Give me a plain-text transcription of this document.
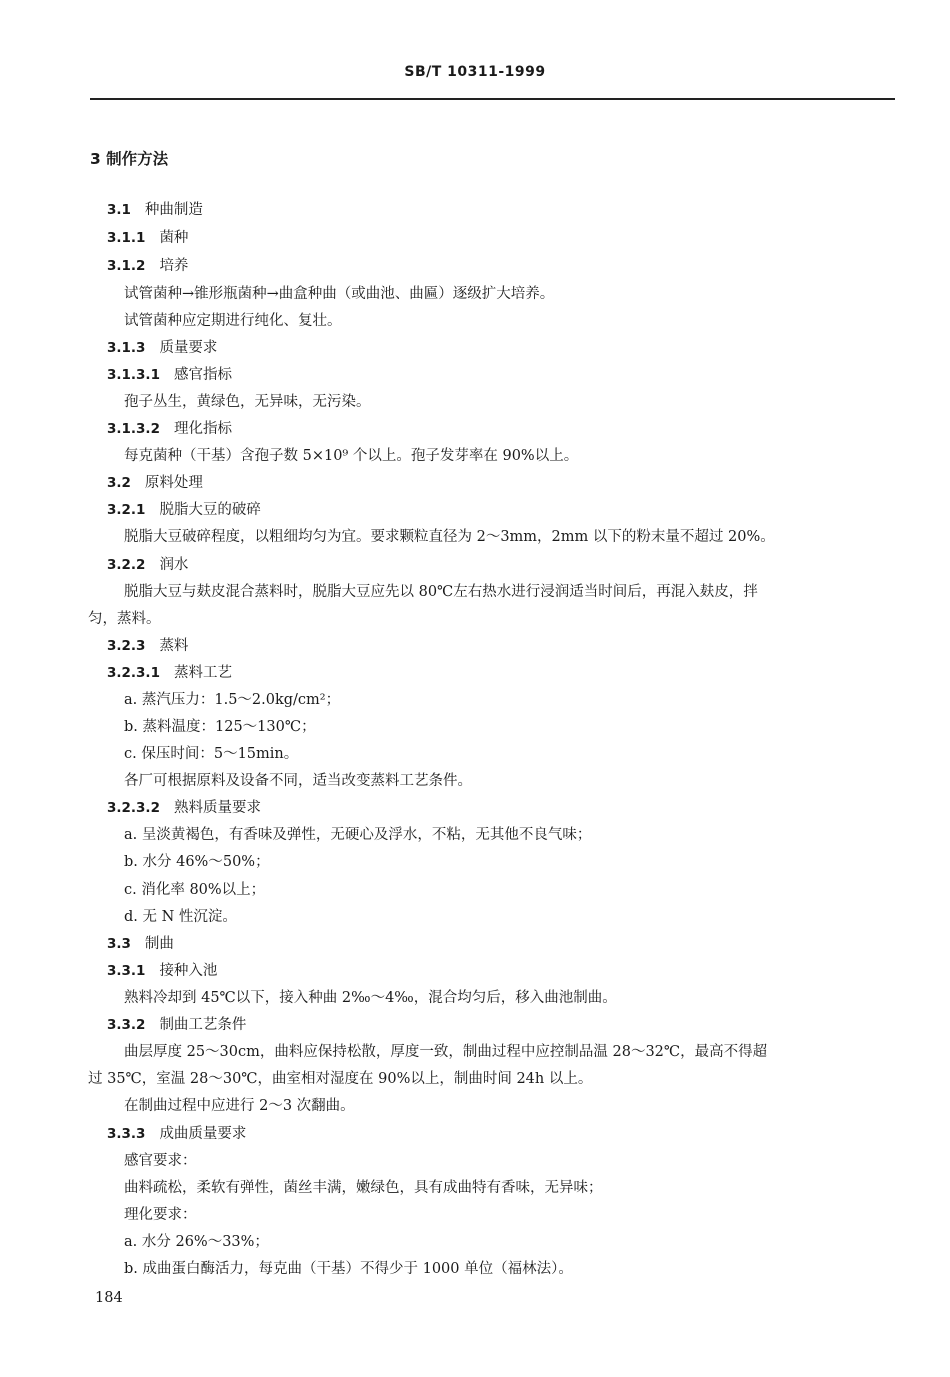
SB/T 10311-1999
3 制作方法
3.1 种曲制造
3.1.1 菌种
3.1.2 培养
试管菌种→锥形瓶菌种→曲盒种曲（或曲池、曲匾）逐级扩大培养。
试管菌种应定期进行纯化、复壮。
3.1.3 质量要求
3.1.3.1 感官指标
孢子丛生，黄绿色，无异味，无污染。
3.1.3.2 理化指标
每克菌种（干基）含孢子数 5×10⁹ 个以上。孢子发芽率在 90%以上。
3.2 原料处理
3.2.1 脱脂大豆的破碎
脱脂大豆破碎程度，以粗细均匀为宜。要求颗粒直径为 2～3mm，2mm 以下的粉末量不超过 20%。
3.2.2 润水
脱脂大豆与麸皮混合蒸料时，脱脂大豆应先以 80℃左右热水进行浸润适当时间后，再混入麸皮，拌
匀，蒸料。
3.2.3 蒸料
3.2.3.1 蒸料工艺
a. 蒸汽压力：1.5～2.0kg/cm²；
b. 蒸料温度：125～130℃；
c. 保压时间：5～15min。
各厂可根据原料及设备不同，适当改变蒸料工艺条件。
3.2.3.2 熟料质量要求
a. 呈淡黄褐色，有香味及弹性，无硬心及浮水，不粘，无其他不良气味；
b. 水分 46%～50%；
c. 消化率 80%以上；
d. 无 N 性沉淀。
3.3 制曲
3.3.1 接种入池
熟料冷却到 45℃以下，接入种曲 2‰～4‰，混合均匀后，移入曲池制曲。
3.3.2 制曲工艺条件
曲层厚度 25～30cm，曲料应保持松散，厚度一致，制曲过程中应控制品温 28～32℃，最高不得超
过 35℃，室温 28～30℃，曲室相对湿度在 90%以上，制曲时间 24h 以上。
在制曲过程中应进行 2～3 次翻曲。
3.3.3 成曲质量要求
感官要求：
曲料疏松，柔软有弹性，菌丝丰满，嫩绿色，具有成曲特有香味，无异味；
理化要求：
a. 水分 26%～33%；
b. 成曲蛋白酶活力，每克曲（干基）不得少于 1000 单位（福林法）。
184
